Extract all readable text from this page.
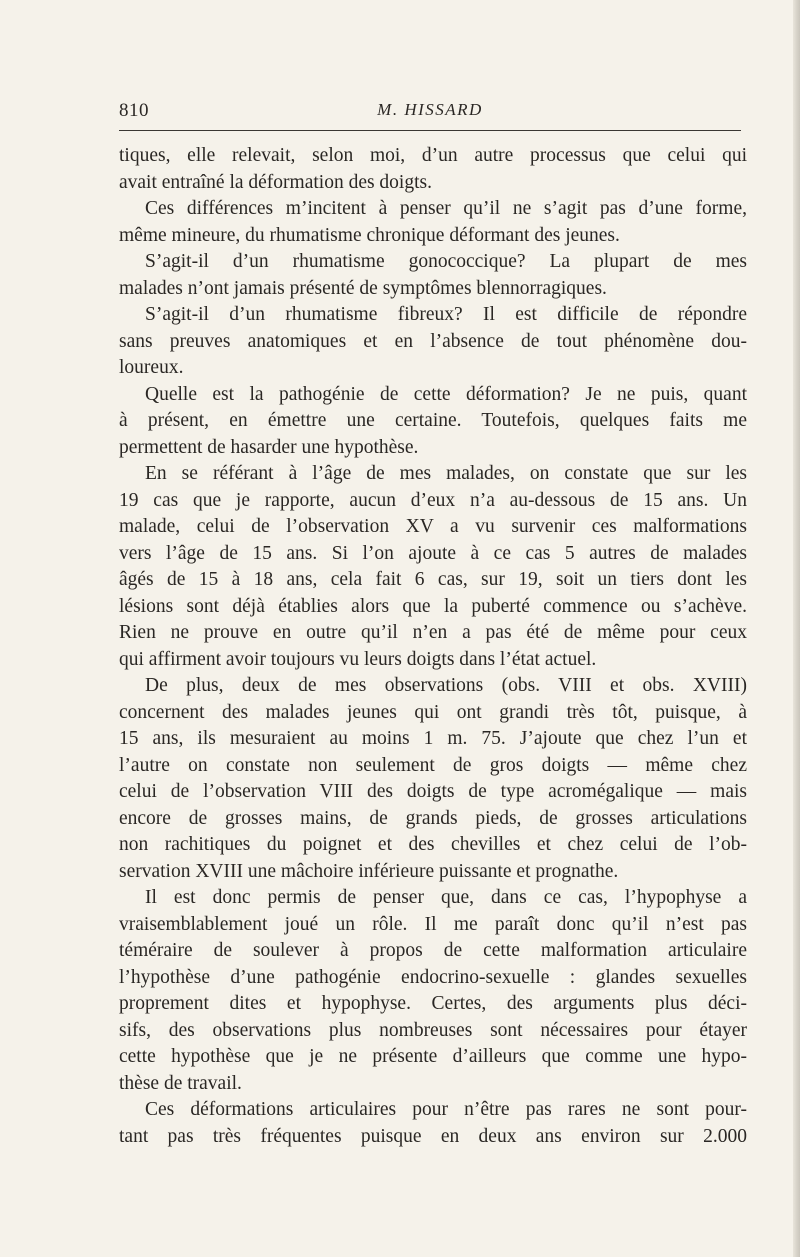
810	M. HISSARD
tiques, elle relevait, selon moi, d’un autre processus que celui qui
avait entraîné la déformation des doigts.
Ces différences m’incitent à penser qu’il ne s’agit pas d’une forme,
même mineure, du rhumatisme chronique déformant des jeunes.
S’agit-il d’un rhumatisme gonococcique? La plupart de mes
malades n’ont jamais présenté de symptômes blennorragiques.
S’agit-il d’un rhumatisme fibreux? Il est difficile de répondre
sans preuves anatomiques et en l’absence de tout phénomène dou-
loureux.
Quelle est la pathogénie de cette déformation? Je ne puis, quant
à présent, en émettre une certaine. Toutefois, quelques faits me
permettent de hasarder une hypothèse.
En se référant à l’âge de mes malades, on constate que sur les
19 cas que je rapporte, aucun d’eux n’a au-dessous de 15 ans. Un
malade, celui de l’observation XV a vu survenir ces malformations
vers l’âge de 15 ans. Si l’on ajoute à ce cas 5 autres de malades
âgés de 15 à 18 ans, cela fait 6 cas, sur 19, soit un tiers dont les
lésions sont déjà établies alors que la puberté commence ou s’achève.
Rien ne prouve en outre qu’il n’en a pas été de même pour ceux
qui affirment avoir toujours vu leurs doigts dans l’état actuel.
De plus, deux de mes observations (obs. VIII et obs. XVIII)
concernent des malades jeunes qui ont grandi très tôt, puisque, à
15 ans, ils mesuraient au moins 1 m. 75. J’ajoute que chez l’un et
l’autre on constate non seulement de gros doigts — même chez
celui de l’observation VIII des doigts de type acromégalique — mais
encore de grosses mains, de grands pieds, de grosses articulations
non rachitiques du poignet et des chevilles et chez celui de l’ob-
servation XVIII une mâchoire inférieure puissante et prognathe.
Il est donc permis de penser que, dans ce cas, l’hypophyse a
vraisemblablement joué un rôle. Il me paraît donc qu’il n’est pas
téméraire de soulever à propos de cette malformation articulaire
l’hypothèse d’une pathogénie endocrino-sexuelle : glandes sexuelles
proprement dites et hypophyse. Certes, des arguments plus déci-
sifs, des observations plus nombreuses sont nécessaires pour étayer
cette hypothèse que je ne présente d’ailleurs que comme une hypo-
thèse de travail.
Ces déformations articulaires pour n’être pas rares ne sont pour-
tant pas très fréquentes puisque en deux ans environ sur 2.000
